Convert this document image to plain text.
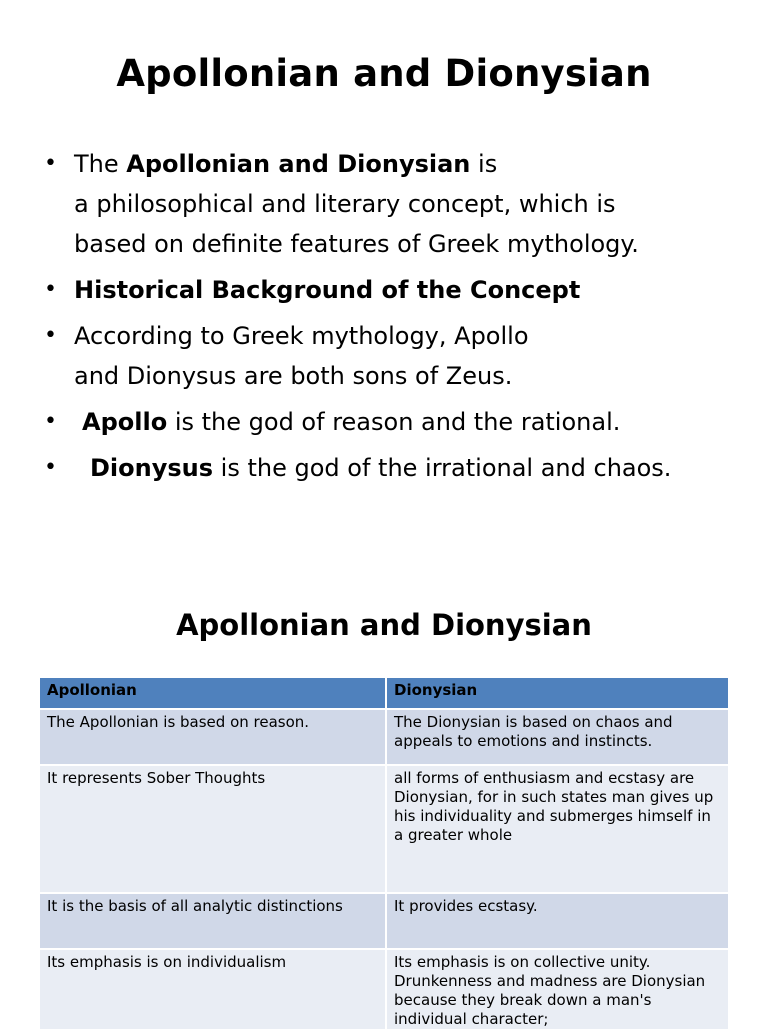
Apollonian and Dionysian
• The Apollonian and Dionysian is
a philosophical and literary concept, which is
based on definite features of Greek mythology.
• Historical Background of the Concept
• According to Greek mythology, Apollo
and Dionysus are both sons of Zeus.
• Apollo is the god of reason and the rational.
• Dionysus is the god of the irrational and chaos.
Apollonian and Dionysian
Apollonian	Dionysian
The Apollonian is based on reason.	The Dionysian is based on chaos and appeals to emotions and instincts.
It represents Sober Thoughts	all forms of enthusiasm and ecstasy are Dionysian, for in such states man gives up his individuality and submerges himself in a greater whole
It is the basis of all analytic distinctions	It provides ecstasy.
Its emphasis is on individualism	Its emphasis is on collective unity. Drunkenness and madness are Dionysian because they break down a man's individual character;
